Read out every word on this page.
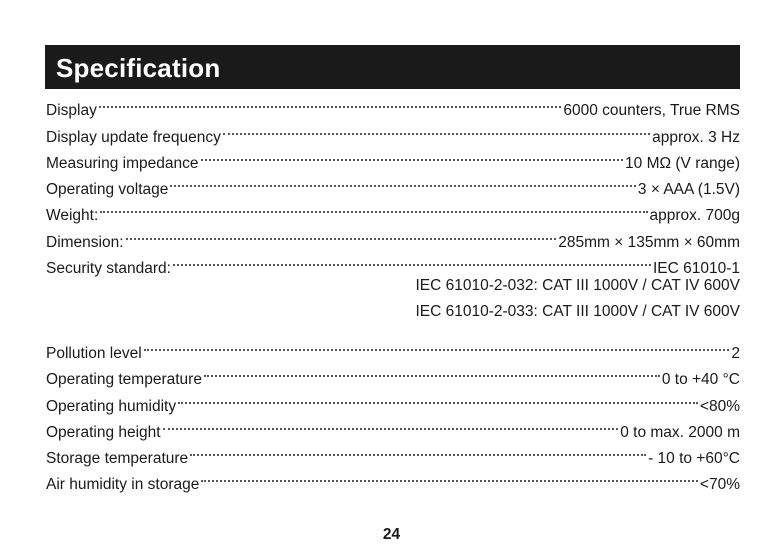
Specification
Display	6000 counters, True RMS
Display update frequency	approx. 3 Hz
Measuring impedance	10 MΩ (V range)
Operating voltage	3 × AAA (1.5V)
Weight:	approx. 700g
Dimension:	285mm × 135mm × 60mm
Security standard:	IEC 61010-1
IEC 61010-2-032: CAT III 1000V / CAT IV 600V
IEC 61010-2-033: CAT III 1000V / CAT IV 600V
Pollution level	2
Operating temperature	0 to +40 °C
Operating humidity	<80%
Operating height	0 to max. 2000 m
Storage temperature	- 10 to +60°C
Air humidity in storage	<70%
24
